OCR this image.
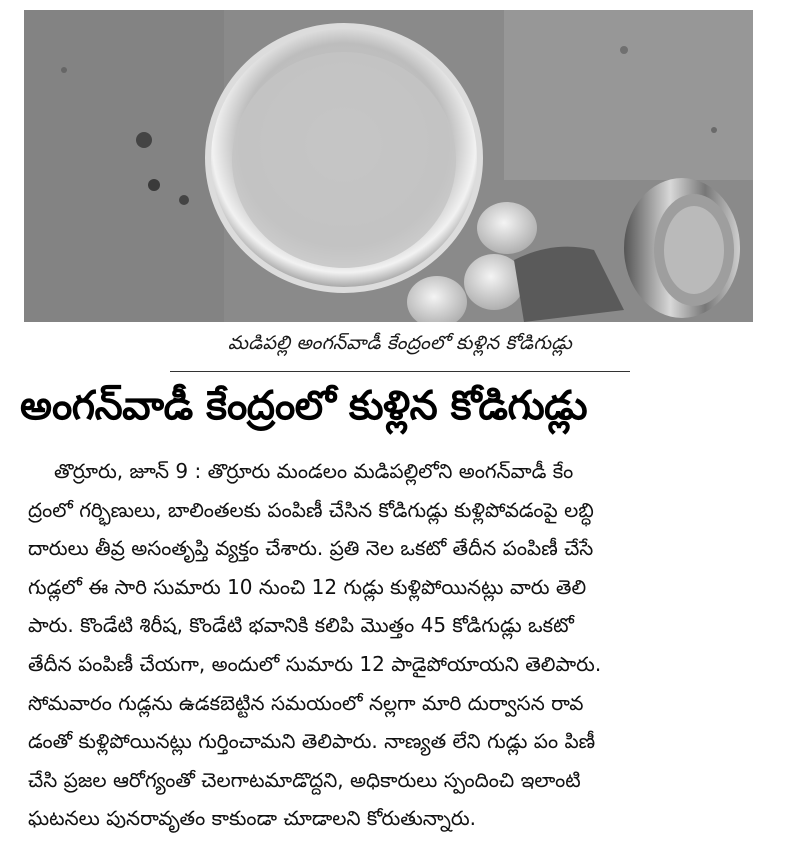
మడిపల్లి అంగన్‌వాడీ కేంద్రంలో కుళ్లిన కోడిగుడ్లు
అంగన్‌వాడీ కేంద్రంలో కుళ్లిన కోడిగుడ్లు
తొర్రూరు, జూన్‌ 9 : తొర్రూరు మండలం మడిపల్లిలోని అంగన్‌వాడీ కేం
ద్రంలో గర్భిణులు, బాలింతలకు పంపిణీ చేసిన కోడిగుడ్లు కుళ్లిపోవడంపై లబ్ధి
దారులు తీవ్ర అసంతృప్తి వ్యక్తం చేశారు. ప్రతి నెల ఒకటో తేదీన పంపిణీ చేసే
గుడ్లలో ఈ సారి సుమారు 10 నుంచి 12 గుడ్లు కుళ్లిపోయినట్లు వారు తెలి
పారు. కొండేటి శిరీష, కొండేటి భవానికి కలిపి మొత్తం 45 కోడిగుడ్లు ఒకటో
తేదీన పంపిణీ చేయగా, అందులో సుమారు 12 పాడైపోయాయని తెలిపారు.
సోమవారం గుడ్లను ఉడకబెట్టిన సమయంలో నల్లగా మారి దుర్వాసన రావ
డంతో కుళ్లిపోయినట్లు గుర్తించామని తెలిపారు. నాణ్యత లేని గుడ్లు పం పిణీ
చేసి ప్రజల ఆరోగ్యంతో చెలగాటమాడొద్దని, అధికారులు స్పందించి ఇలాంటి
ఘటనలు పునరావృతం కాకుండా చూడాలని కోరుతున్నారు.
